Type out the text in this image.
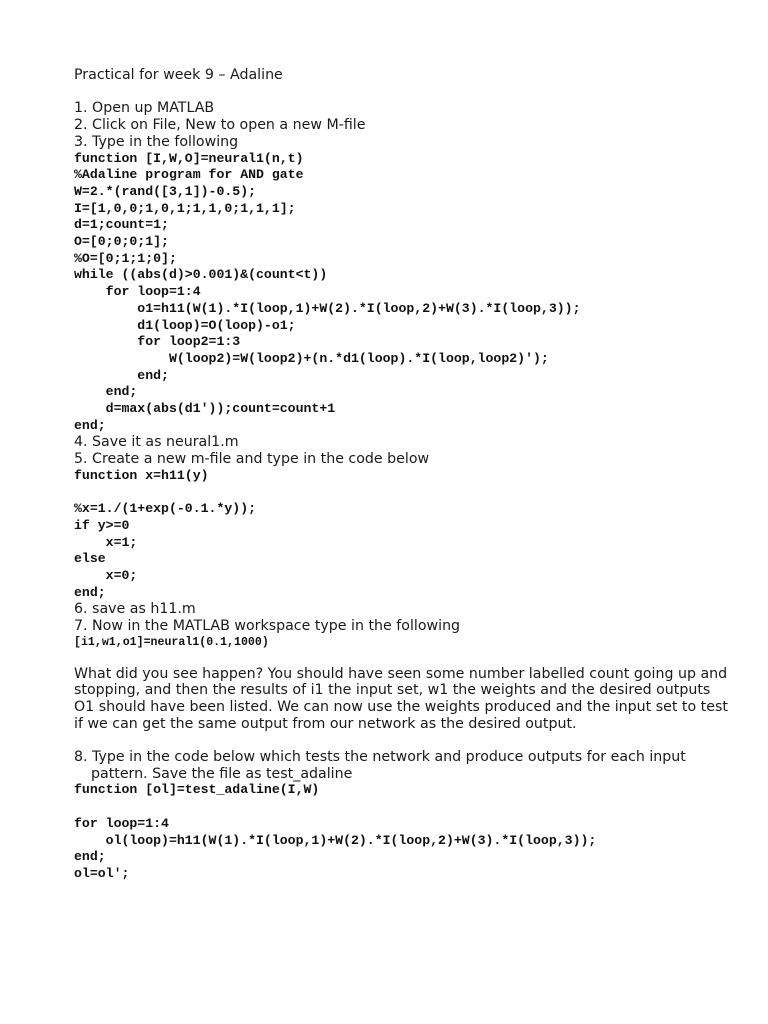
Practical for week 9 – Adaline

1. Open up MATLAB

2. Click on File, New to open a new M-file

3. Type in the following

function [I,W,O]=neural1(n,t)

%Adaline program for AND gate

W=2.*(rand([3,1])-0.5);

I=[1,0,0;1,0,1;1,1,0;1,1,1];

d=1;count=1;

O=[0;0;0;1];

%O=[0;1;1;0];

while ((abs(d)>0.001)&(count<t))

for loop=1:4

o1=h11(W(1).*I(loop,1)+W(2).*I(loop,2)+W(3).*I(loop,3));

d1(loop)=O(loop)-o1;

for loop2=1:3

W(loop2)=W(loop2)+(n.*d1(loop).*I(loop,loop2)');

end;

end;

d=max(abs(d1'));count=count+1

end;

4. Save it as neural1.m

5. Create a new m-file and type in the code below

function x=h11(y)

%x=1./(1+exp(-0.1.*y));

if y>=0

x=1;

else

x=0;

end;

6. save as h11.m

7. Now in the MATLAB workspace type in the following

[i1,w1,o1]=neural1(0.1,1000)

What did you see happen? You should have seen some number labelled count going up and stopping, and then the results of i1 the input set, w1 the weights and the desired outputs O1 should have been listed. We can now use the weights produced and the input set to test if we can get the same output from our network as the desired output.

8. Type in the code below which tests the network and produce outputs for each input pattern. Save the file as test_adaline

function [ol]=test_adaline(I,W)

for loop=1:4

ol(loop)=h11(W(1).*I(loop,1)+W(2).*I(loop,2)+W(3).*I(loop,3));

end;

ol=ol';
